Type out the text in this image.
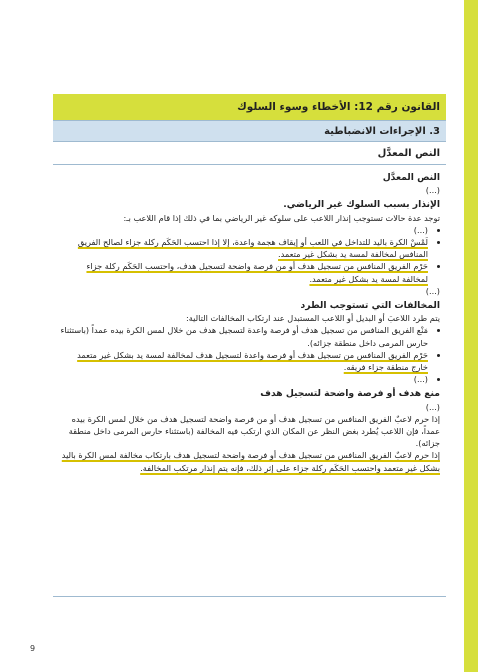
القانون رقم 12: الأخطاء وسوء السلوك
3. الإجراءات الانضباطية
النص المعدَّل
النص المعدَّل

(...)

الإنذار بسبب السلوك غير الرياضي.

توجد عدة حالات تستوجب إنذار اللاعب على سلوكه غير الرياضي بما في ذلك إذا قام اللاعب بـ:

• (...)
• لَمْسْ الكرة باليد للتداخل في اللعب أو إيقاف هجمة واعدة، إلا إذا احتسب الحَكَم ركلة جزاء لصالح الفريق المنافس لمخالفة لمسة يد بشكل غير متعمد.
• حَرْم الفريق المنافس من تسجيل هدف أو من فرصة واضحة لتسجيل هدف، واحتسب الحَكَم ركلة جزاء لمخالفة لمسة يد بشكل غير متعمد.

(...)

المخالفات التي تستوجب الطرد

يتم طرد اللاعبَ أو البديل أو اللاعب المستبدل عند ارتكاب المخالفات التالية:

• مَنْع الفريق المنافس من تسجيل هدف أو فرصة واعدة لتسجيل هدف من خلال لمس الكرة بيده عمداً (باستثناء حارس المرمى داخل منطقة جزائه).
• حَرْم الفريق المنافس من تسجيل هدف أو فرصة واعدة لتسجيل هدف لمخالفة لمسة يد بشكل غير متعمد خارج منطقة جزاء فريقه.
• (...)
منع هدف أو فرصة واضحة لتسجيل هدف

(...)

إذا حرم لاعبٌ الفريق المنافس من تسجيل هدف أو من فرصة واضحة لتسجيل هدف من خلال لمس الكرة بيده عمداً، فإن اللاعب يُطرد بغض النظر عن المكان الذي ارتكب فيه المخالفة (باستثناء حارس المرمى داخل منطقة جزائه).

إذا حرم لاعبٌ الفريق المنافس من تسجيل هدف أو فرصة واضحة لتسجيل هدف بارتكاب مخالفة لمس الكرة باليد بشكل غير متعمد واحتسب الحَكَم ركلة جزاء على إثر ذلك، فإنه يتم إنذار مرتكب المخالفة.

9
